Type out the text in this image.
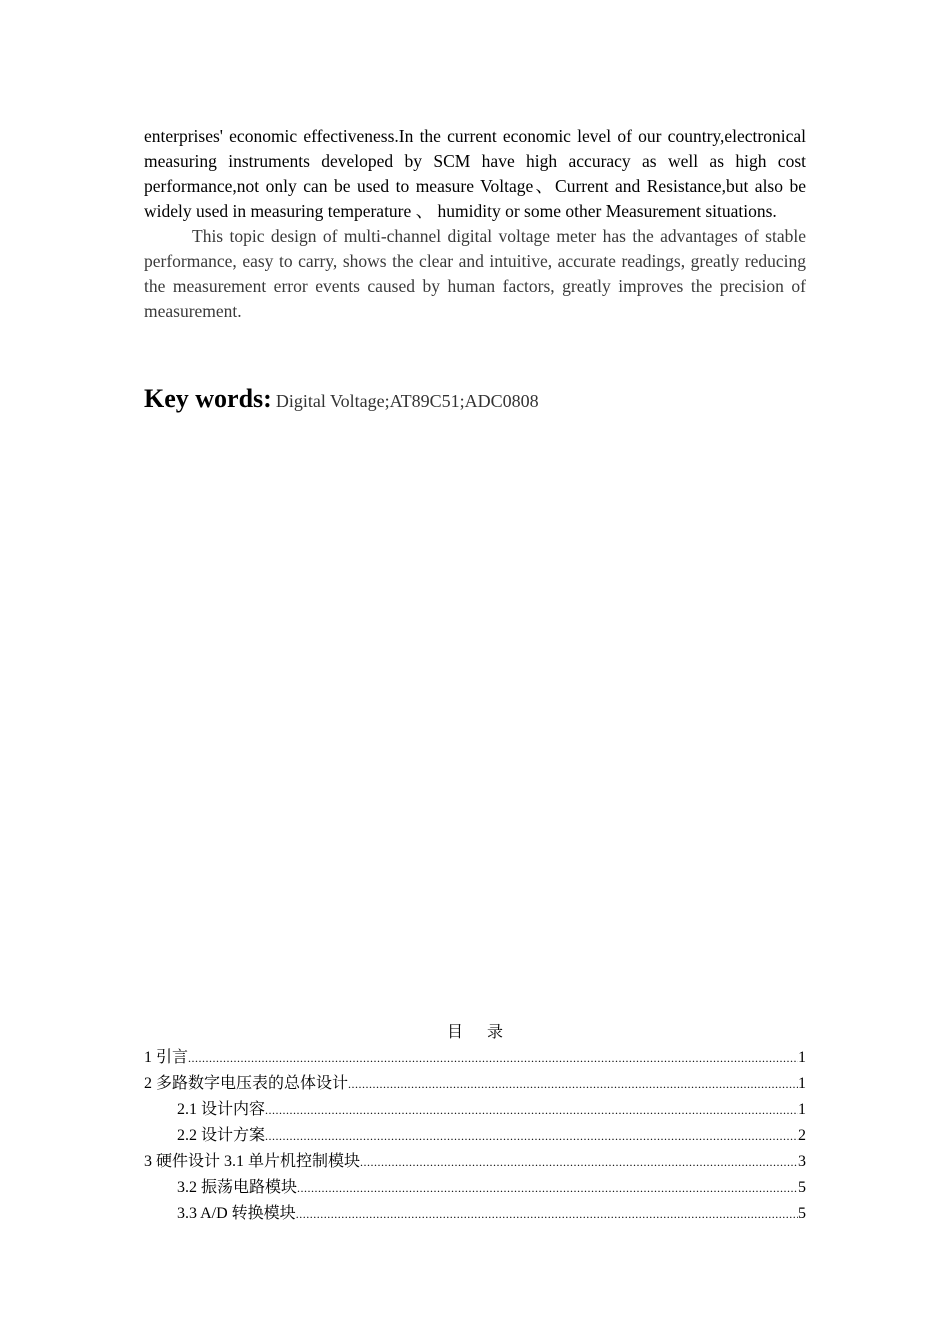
enterprises' economic effectiveness.In the current economic level of our country,electronical measuring instruments developed by SCM have high accuracy as well as high cost performance,not only can be used to measure Voltage、Current and Resistance,but also be widely used in measuring temperature 、 humidity or some other Measurement situations.

This topic design of multi-channel digital voltage meter has the advantages of stable performance, easy to carry, shows the clear and intuitive, accurate readings, greatly reducing the measurement error events caused by human factors, greatly improves the precision of measurement.

Key words: Digital Voltage;AT89C51;ADC0808
目 录
1 引言 .....	1
2 多路数字电压表的总体设计 .....	1
2.1 设计内容 .....	1
2.2 设计方案 .....	2
3 硬件设计 3.1 单片机控制模块 .....	3
3.2 振荡电路模块 .....	5
3.3 A/D 转换模块 .....	5
